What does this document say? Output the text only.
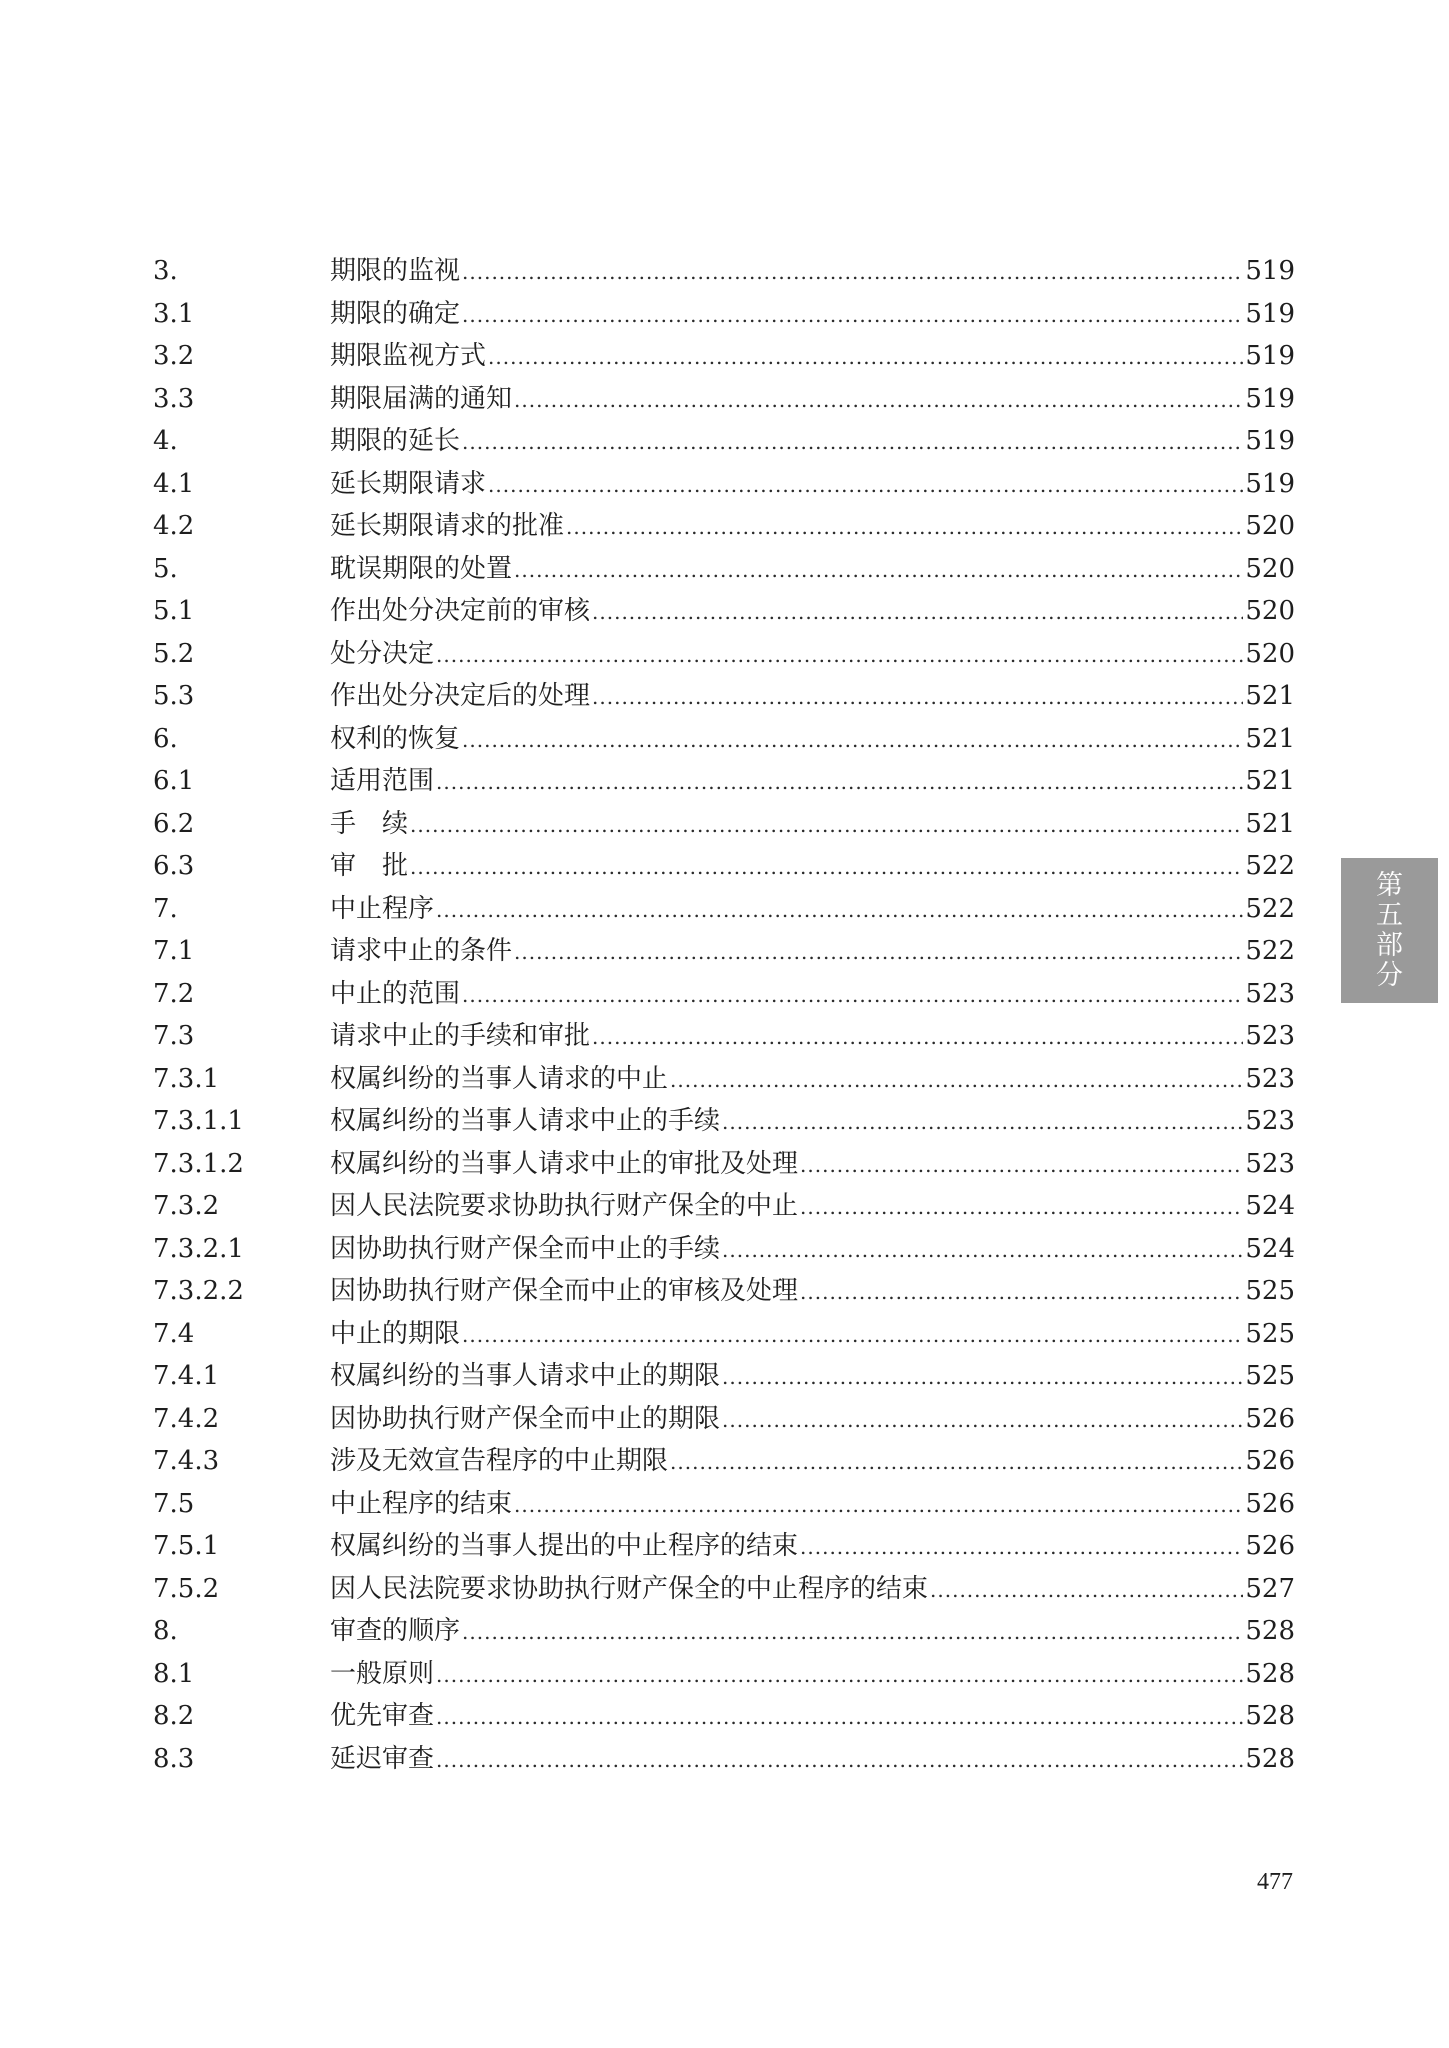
3.	期限的监视 .....	519
3.1	期限的确定 .....	519
3.2	期限监视方式 .....	519
3.3	期限届满的通知 .....	519
4.	期限的延长 .....	519
4.1	延长期限请求 .....	519
4.2	延长期限请求的批准 .....	520
5.	耽误期限的处置 .....	520
5.1	作出处分决定前的审核 .....	520
5.2	处分决定 .....	520
5.3	作出处分决定后的处理 .....	521
6.	权利的恢复 .....	521
6.1	适用范围 .....	521
6.2	手　续 .....	521
6.3	审　批 .....	522
7.	中止程序 .....	522
7.1	请求中止的条件 .....	522
7.2	中止的范围 .....	523
7.3	请求中止的手续和审批 .....	523
7.3.1	权属纠纷的当事人请求的中止 .....	523
7.3.1.1	权属纠纷的当事人请求中止的手续 .....	523
7.3.1.2	权属纠纷的当事人请求中止的审批及处理 .....	523
7.3.2	因人民法院要求协助执行财产保全的中止 .....	524
7.3.2.1	因协助执行财产保全而中止的手续 .....	524
7.3.2.2	因协助执行财产保全而中止的审核及处理 .....	525
7.4	中止的期限 .....	525
7.4.1	权属纠纷的当事人请求中止的期限 .....	525
7.4.2	因协助执行财产保全而中止的期限 .....	526
7.4.3	涉及无效宣告程序的中止期限 .....	526
7.5	中止程序的结束 .....	526
7.5.1	权属纠纷的当事人提出的中止程序的结束 .....	526
7.5.2	因人民法院要求协助执行财产保全的中止程序的结束 .....	527
8.	审查的顺序 .....	528
8.1	一般原则 .....	528
8.2	优先审查 .....	528
8.3	延迟审查 .....	528
第
五
部
分
477
